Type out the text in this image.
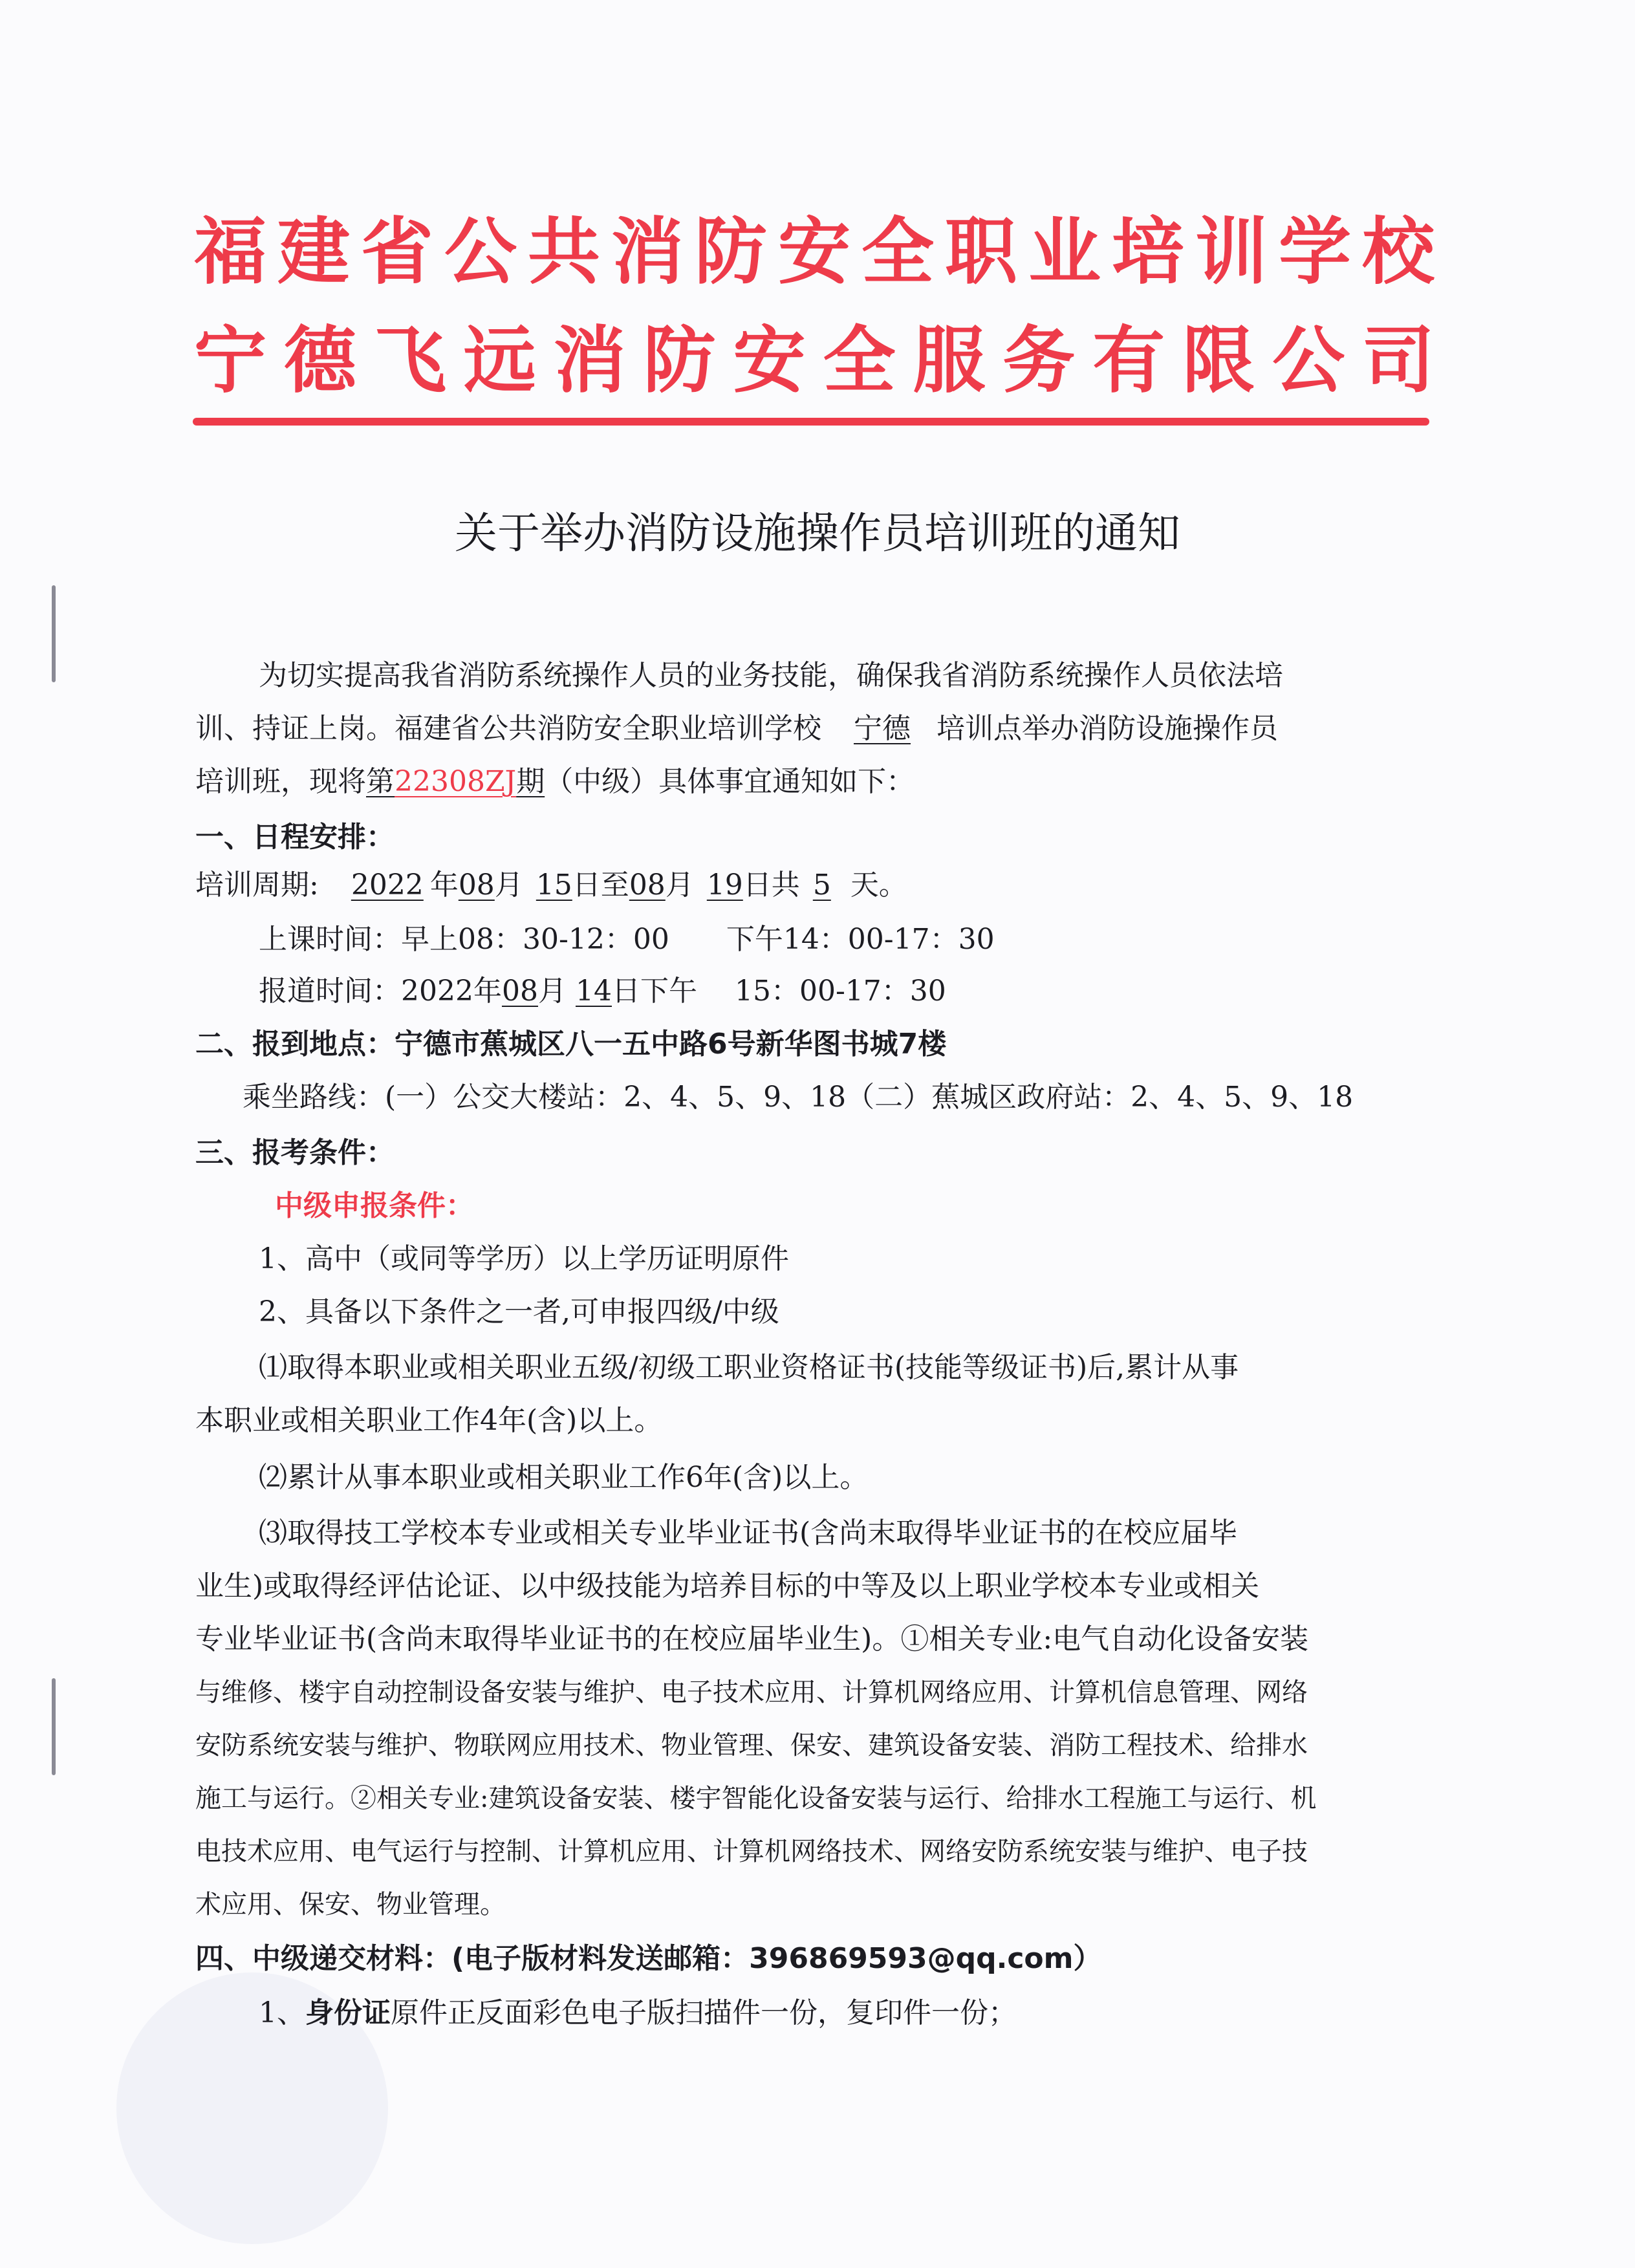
福建省公共消防安全职业培训学校
宁德飞远消防安全服务有限公司
关于举办消防设施操作员培训班的通知
为切实提高我省消防系统操作人员的业务技能，确保我省消防系统操作人员依法培
训、持证上岗。福建省公共消防安全职业培训学校 宁德 培训点举办消防设施操作员
培训班，现将第22308ZJ期（中级）具体事宜通知如下：
一、日程安排：
培训周期: 2022 年08月 15日至08月 19日共 5 天。
上课时间：早上08：30-12：00　　下午14：00-17：30
报道时间：2022年08月 14日下午　 15：00-17：30
二、报到地点：宁德市蕉城区八一五中路6号新华图书城7楼
乘坐路线：(一）公交大楼站：2、4、5、9、18（二）蕉城区政府站：2、4、5、9、18
三、报考条件：
中级申报条件：
1、高中（或同等学历）以上学历证明原件
2、具备以下条件之一者,可申报四级/中级
⑴取得本职业或相关职业五级/初级工职业资格证书(技能等级证书)后,累计从事
本职业或相关职业工作4年(含)以上。
⑵累计从事本职业或相关职业工作6年(含)以上。
⑶取得技工学校本专业或相关专业毕业证书(含尚末取得毕业证书的在校应届毕
业生)或取得经评估论证、以中级技能为培养目标的中等及以上职业学校本专业或相关
专业毕业证书(含尚末取得毕业证书的在校应届毕业生)。①相关专业:电气自动化设备安装
与维修、楼宇自动控制设备安装与维护、电子技术应用、计算机网络应用、计算机信息管理、网络
安防系统安装与维护、物联网应用技术、物业管理、保安、建筑设备安装、消防工程技术、给排水
施工与运行。②相关专业:建筑设备安装、楼宇智能化设备安装与运行、给排水工程施工与运行、机
电技术应用、电气运行与控制、计算机应用、计算机网络技术、网络安防系统安装与维护、电子技
术应用、保安、物业管理。
四、中级递交材料：(电子版材料发送邮箱：396869593@qq.com）
1、身份证原件正反面彩色电子版扫描件一份，复印件一份；
